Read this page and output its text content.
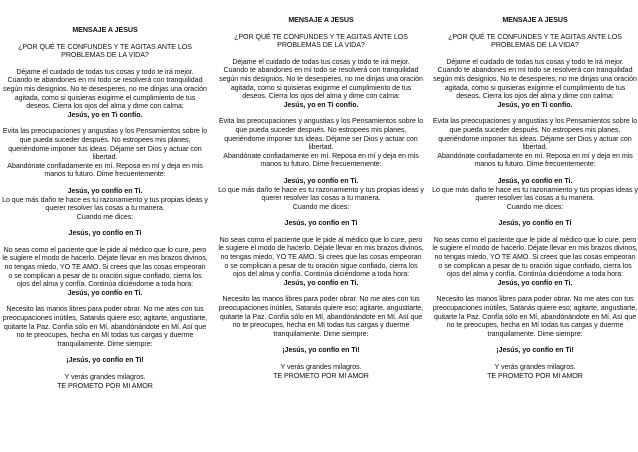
MENSAJE A JESUS

¿POR QUÉ TE CONFUNDES Y TE AGITAS ANTE LOS PROBLEMAS DE LA VIDA?

Déjame el cuidado de todas tus cosas y todo te irá mejor.

Cuando te abandones en mí todo se resolverá con tranquilidad según mis designios. No te desesperes, no me dirijas una oración agitada, como si quisieras exigirme el cumplimiento de tus deseos. Cierra los ojos del alma y dime con calma:

Jesús, yo en Ti confío.

Evita las preocupaciones y angustias y los Pensamientos sobre lo que pueda suceder después. No estropees mis planes, queriéndome imponer tus ideas. Déjame ser Dios y actuar con libertad.

Abandónate confiadamente en mí. Reposa en mí y deja en mis manos tu futuro. Dime frecuentemente:

Jesús, yo confío en Ti.

Lo que más daño te hace es tu razonamiento y tus propias ideas y querer resolver las cosas a tu manera.

Cuando me dices:

Jesús, yo confío en Ti

No seas como el paciente que le pide al médico que lo cure, pero le sugiere el modo de hacerlo. Déjate llevar en mis brazos divinos, no tengas miedo, YO TE AMO. Si crees que las cosas empeoran o se complican a pesar de tu oración sigue confiado, cierra los ojos del alma y confía. Continúa diciéndome a toda hora:

Jesús, yo confío en Ti.

Necesito las manos libres para poder obrar. No me ates con tus preocupaciones inútiles, Satanás quiere eso; agitarte, angustiarte, quitarte la Paz. Confía sólo en Mí, abandónándote en Mí. Así que no te preocupes, hecha en Mí todas tus cargas y duerme tranquilamente. Dime siempre:

¡Jesús, yo confío en Ti!

Y verás grandes milagros.

TE PROMETO POR MI AMOR

MENSAJE A JESUS

¿POR QUÉ TE CONFUNDES Y TE AGITAS ANTE LOS PROBLEMAS DE LA VIDA?

Déjame el cuidado de todas tus cosas y todo te irá mejor.

Cuando te abandones en mí todo se resolverá con tranquilidad según mis designios. No te desesperes, no me dirijas una oración agitada, como si quisieras exigirme el cumplimiento de tus deseos. Cierra los ojos del alma y dime con calma:

Jesús, yo en Ti confío.

Evita las preocupaciones y angustias y los Pensamientos sobre lo que pueda suceder después. No estropees mis planes, queriéndome imponer tus ideas. Déjame ser Dios y actuar con libertad.

Abandónate confiadamente en mí. Reposa en mí y deja en mis manos tu futuro. Dime frecuentemente:

Jesús, yo confío en Ti.

Lo que más daño te hace es tu razonamiento y tus propias ideas y querer resolver las cosas a tu manera.

Cuando me dices:

Jesús, yo confío en Ti

No seas como el paciente que le pide al médico que lo cure, pero le sugiere el modo de hacerlo. Déjate llevar en mis brazos divinos, no tengas miedo, YO TE AMO. Si crees que las cosas empeoran o se complican a pesar de tu oración sigue confiado, cierra los ojos del alma y confía. Continúa diciéndome a toda hora:

Jesús, yo confío en Ti.

Necesito las manos libres para poder obrar. No me ates con tus preocupaciones inútiles, Satanás quiere eso; agitarte, angustiarte, quitarte la Paz. Confía sólo en Mí, abandónándote en Mí. Así que no te preocupes, hecha en Mí todas tus cargas y duerme tranquilamente. Dime siempre:

¡Jesús, yo confío en Ti!

Y verás grandes milagros.

TE PROMETO POR MI AMOR

MENSAJE A JESUS

¿POR QUÉ TE CONFUNDES Y TE AGITAS ANTE LOS PROBLEMAS DE LA VIDA?

Déjame el cuidado de todas tus cosas y todo te irá mejor.

Cuando te abandones en mí todo se resolverá con tranquilidad según mis designios. No te desesperes, no me dirijas una oración agitada, como si quisieras exigirme el cumplimiento de tus deseos. Cierra los ojos del alma y dime con calma:

Jesús, yo en Ti confío.

Evita las preocupaciones y angustias y los Pensamientos sobre lo que pueda suceder después. No estropees mis planes, queriéndome imponer tus ideas. Déjame ser Dios y actuar con libertad.

Abandónate confiadamente en mí. Reposa en mí y deja en mis manos tu futuro. Dime frecuentemente:

Jesús, yo confío en Ti.

Lo que más daño te hace es tu razonamiento y tus propias ideas y querer resolver las cosas a tu manera.

Cuando me dices:

Jesús, yo confío en Ti

No seas como el paciente que le pide al médico que lo cure, pero le sugiere el modo de hacerlo. Déjate llevar en mis brazos divinos, no tengas miedo, YO TE AMO. Si crees que las cosas empeoran o se complican a pesar de tu oración sigue confiado, cierra los ojos del alma y confía. Continúa diciéndome a toda hora:

Jesús, yo confío en Ti.

Necesito las manos libres para poder obrar. No me ates con tus preocupaciones inútiles, Satanás quiere eso; agitarte, angustiarte, quitarte la Paz. Confía sólo en Mí, abandónándote en Mí. Así que no te preocupes, hecha en Mí todas tus cargas y duerme tranquilamente. Dime siempre:

¡Jesús, yo confío en Ti!

Y verás grandes milagros.

TE PROMETO POR MI AMOR
